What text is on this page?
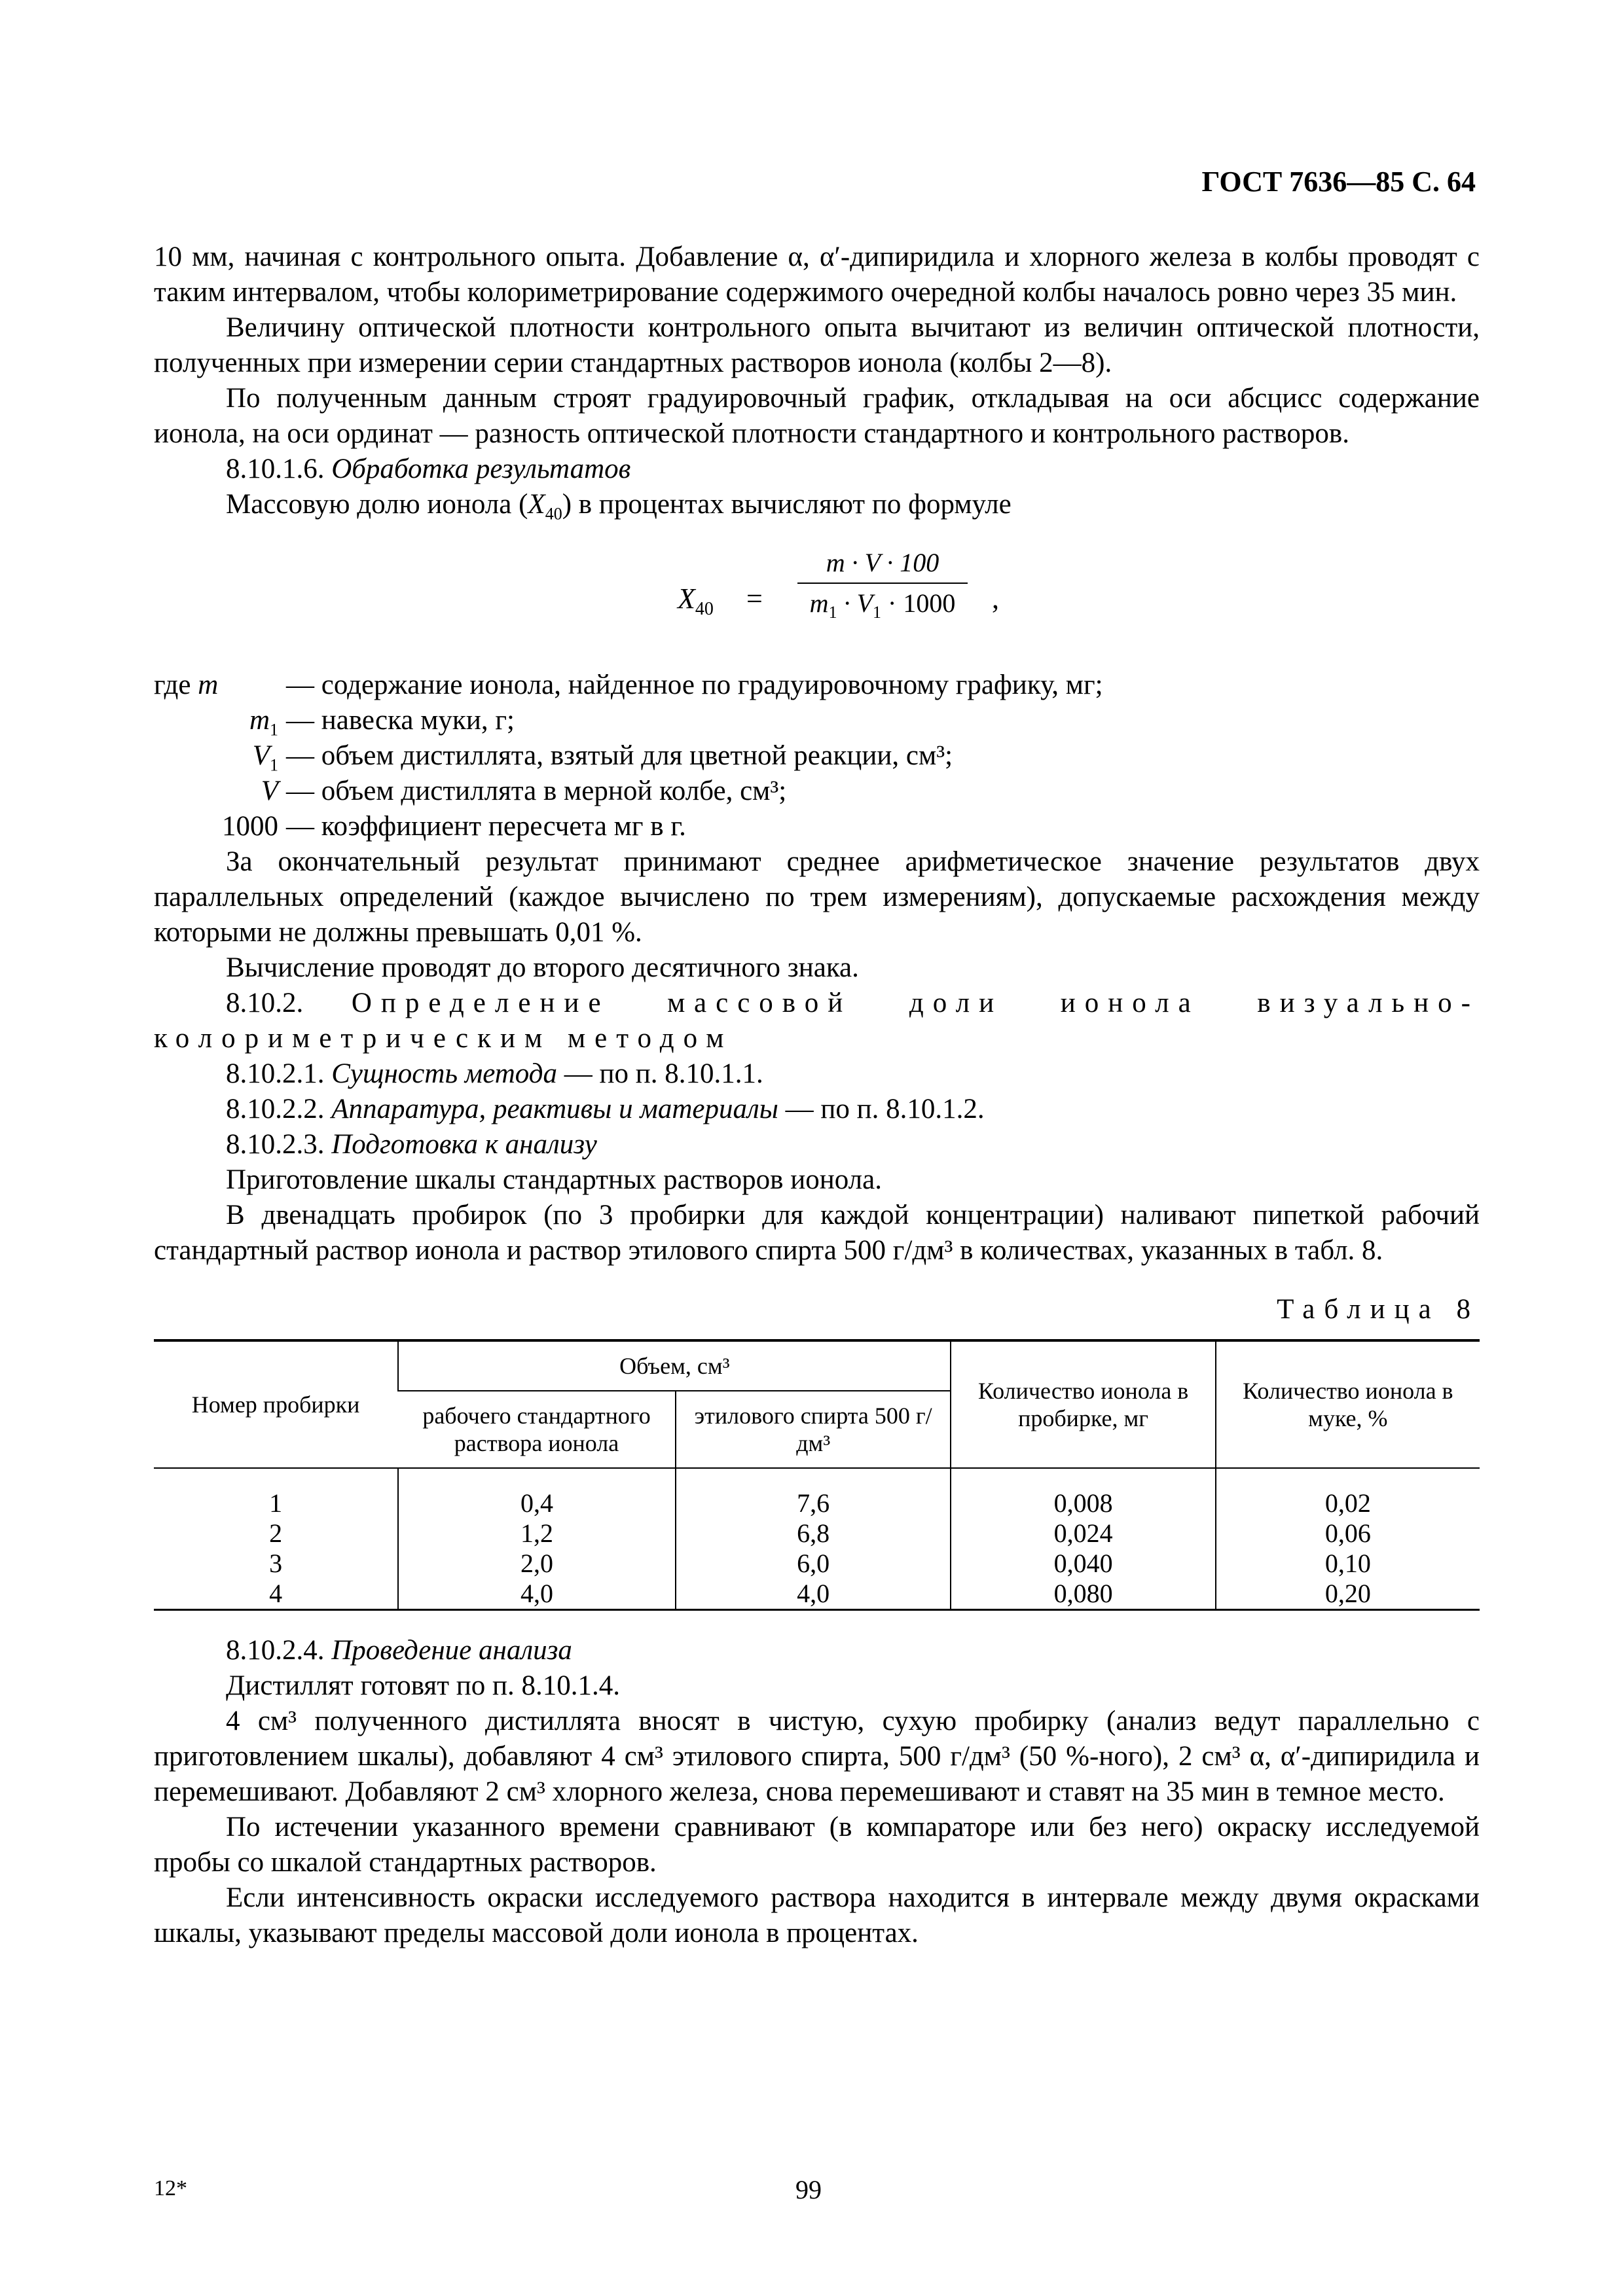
ГОСТ 7636—85 С. 64

10 мм, начиная с контрольного опыта. Добавление α, α′-дипиридила и хлорного железа в колбы проводят с таким интервалом, чтобы колориметрирование содержимого очередной колбы началось ровно через 35 мин.

Величину оптической плотности контрольного опыта вычитают из величин оптической плотности, полученных при измерении серии стандартных растворов ионола (колбы 2—8).

По полученным данным строят градуировочный график, откладывая на оси абсцисс содержание ионола, на оси ординат — разность оптической плотности стандартного и контрольного растворов.

8.10.1.6. Обработка результатов

Массовую долю ионола $(X_{40})$ в процентах вычисляют по формуле

$X_{40}$ =
m · V · 100
$m_1 \cdot V_1 \cdot 1000$	,
где m	— содержание ионола, найденное по градуировочному графику, мг;
$m_1$ — навеска муки, г;
$V_1$ — объем дистиллята, взятый для цветной реакции, см³;
V — объем дистиллята в мерной колбе, см³;
1000 — коэффициент пересчета мг в г.

За окончательный результат принимают среднее арифметическое значение результатов двух параллельных определений (каждое вычислено по трем измерениям), допускаемые расхождения между которыми не должны превышать 0,01 %.

Вычисление проводят до второго десятичного знака.

8.10.2. Определение массовой доли ионола визуально-колориметрическим методом

8.10.2.1. Сущность метода — по п. 8.10.1.1.

8.10.2.2. Аппаратура, реактивы и материалы — по п. 8.10.1.2.

8.10.2.3. Подготовка к анализу

Приготовление шкалы стандартных растворов ионола.

В двенадцать пробирок (по 3 пробирки для каждой концентрации) наливают пипеткой рабочий стандартный раствор ионола и раствор этилового спирта 500 г/дм³ в количествах, указанных в табл. 8.

Таблица 8
Номер пробирки	Объем, см³		Количество ионола в пробирке, мг	Количество ионола в муке, %
	рабочего стандартного раствора ионола	этилового спирта 500 г/дм³		
1	0,4	7,6	0,008	0,02
2	1,2	6,8	0,024	0,06
3	2,0	6,0	0,040	0,10
4	4,0	4,0	0,080	0,20

8.10.2.4. Проведение анализа

Дистиллят готовят по п. 8.10.1.4.

4 см³ полученного дистиллята вносят в чистую, сухую пробирку (анализ ведут параллельно с приготовлением шкалы), добавляют 4 см³ этилового спирта, 500 г/дм³ (50 %-ного), 2 см³ α, α′-дипиридила и перемешивают. Добавляют 2 см³ хлорного железа, снова перемешивают и ставят на 35 мин в темное место.

По истечении указанного времени сравнивают (в компараторе или без него) окраску исследуемой пробы со шкалой стандартных растворов.

Если интенсивность окраски исследуемого раствора находится в интервале между двумя окрасками шкалы, указывают пределы массовой доли ионола в процентах.

12*	99
